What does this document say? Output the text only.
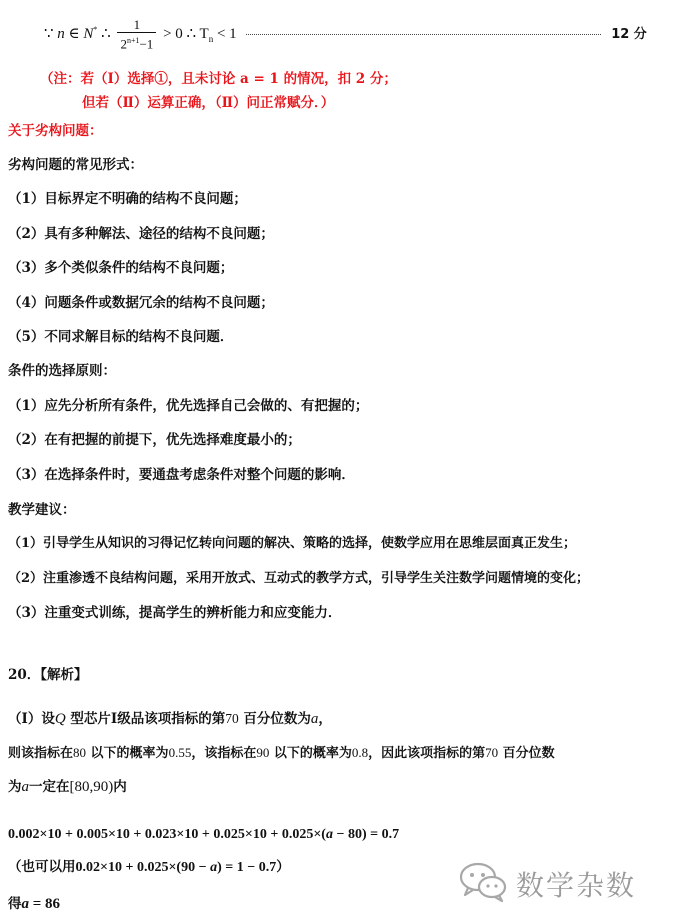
∵ n ∈ N* ∴ $\frac{1}{2^{n+1}-1} > 0$ ∴ $T_n < 1$	12 分
（注：若（Ⅰ）选择①，且未讨论 a = 1 的情况，扣 2 分；
但若（Ⅱ）运算正确，（Ⅱ）问正常赋分．）
关于劣构问题：
劣构问题的常见形式：
（1）目标界定不明确的结构不良问题；
（2）具有多种解法、途径的结构不良问题；
（3）多个类似条件的结构不良问题；
（4）问题条件或数据冗余的结构不良问题；
（5）不同求解目标的结构不良问题．
条件的选择原则：
（1）应先分析所有条件，优先选择自己会做的、有把握的；
（2）在有把握的前提下，优先选择难度最小的；
（3）在选择条件时，要通盘考虑条件对整个问题的影响．
教学建议：
（1）引导学生从知识的习得记忆转向问题的解决、策略的选择，使数学应用在思维层面真正发生；
（2）注重渗透不良结构问题，采用开放式、互动式的教学方式，引导学生关注数学问题情境的变化；
（3）注重变式训练，提高学生的辨析能力和应变能力．
20．【解析】
（Ⅰ）设Q 型芯片Ⅰ级品该项指标的第70 百分位数为a，
则该指标在80 以下的概率为0.55，该指标在90 以下的概率为0.8，因此该项指标的第70 百分位数
为a一定在[80,90)内
0.002×10 + 0.005×10 + 0.023×10 + 0.025×10 + 0.025×(a − 80) = 0.7
（也可以用0.02×10 + 0.025×(90 − a) = 1 − 0.7）
得a = 86
数学杂数
